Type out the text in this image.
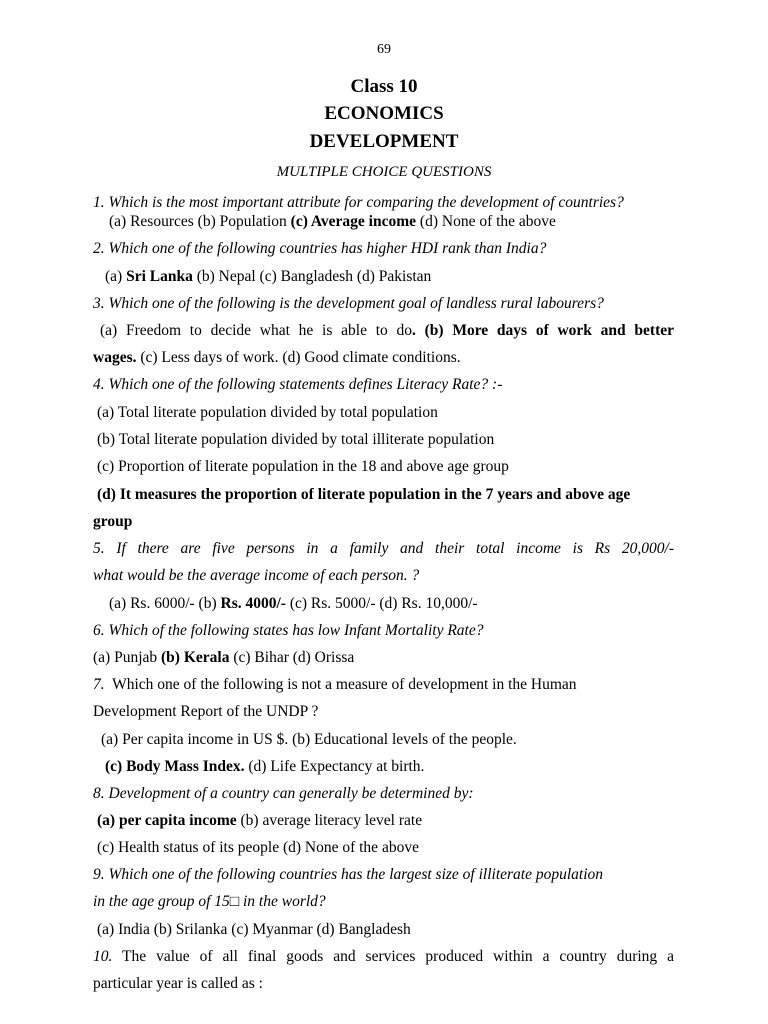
69
Class 10
ECONOMICS
DEVELOPMENT
MULTIPLE CHOICE QUESTIONS
1. Which is the most important attribute for comparing the development of countries?
(a) Resources (b) Population (c) Average income (d) None of the above
2. Which one of the following countries has higher HDI rank than India?
(a) Sri Lanka (b) Nepal (c) Bangladesh (d) Pakistan
3. Which one of the following is the development goal of landless rural labourers?
(a) Freedom to decide what he is able to do. (b) More days of work and better
wages. (c) Less days of work. (d) Good climate conditions.
4. Which one of the following statements defines Literacy Rate? :-
(a) Total literate population divided by total population
(b) Total literate population divided by total illiterate population
(c) Proportion of literate population in the 18 and above age group
(d) It measures the proportion of literate population in the 7 years and above age
group
5. If there are five persons in a family and their total income is Rs 20,000/-
what would be the average income of each person. ?
(a) Rs. 6000/- (b) Rs. 4000/- (c) Rs. 5000/- (d) Rs. 10,000/-
6. Which of the following states has low Infant Mortality Rate?
(a) Punjab (b) Kerala (c) Bihar (d) Orissa
7.  Which one of the following is not a measure of development in the Human
Development Report of the UNDP ?
(a) Per capita income in US $. (b) Educational levels of the people.
(c) Body Mass Index. (d) Life Expectancy at birth.
8. Development of a country can generally be determined by:
(a) per capita income (b) average literacy level rate
(c) Health status of its people (d) None of the above
9. Which one of the following countries has the largest size of illiterate population
in the age group of 15□ in the world?
(a) India (b) Srilanka (c) Myanmar (d) Bangladesh
10. The value of all final goods and services produced within a country during a
particular year is called as :
